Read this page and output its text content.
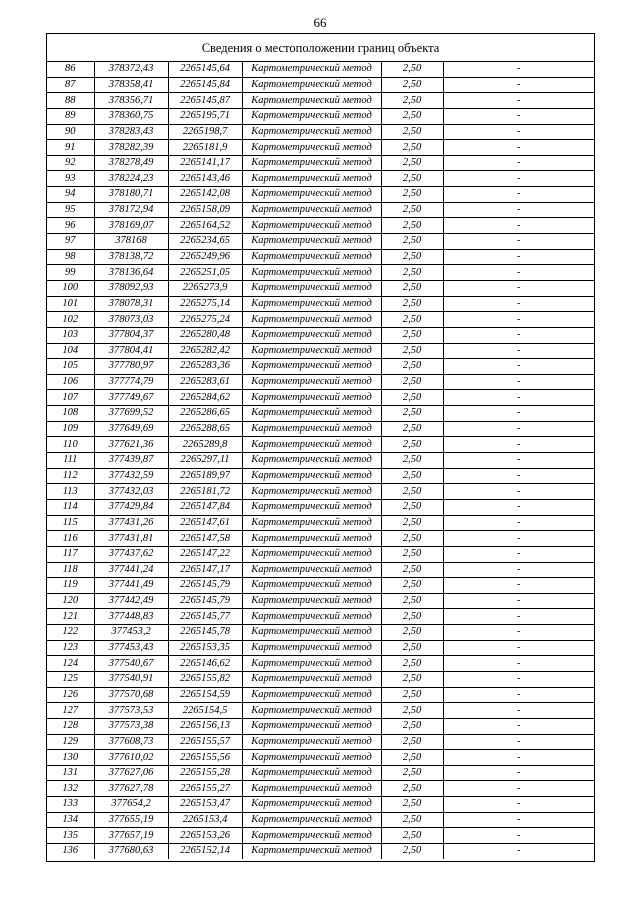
66
Сведения о местоположении границ объекта
86	378372,43	2265145,64	Картометрический метод	2,50	-
87	378358,41	2265145,84	Картометрический метод	2,50	-
88	378356,71	2265145,87	Картометрический метод	2,50	-
89	378360,75	2265195,71	Картометрический метод	2,50	-
90	378283,43	2265198,7	Картометрический метод	2,50	-
91	378282,39	2265181,9	Картометрический метод	2,50	-
92	378278,49	2265141,17	Картометрический метод	2,50	-
93	378224,23	2265143,46	Картометрический метод	2,50	-
94	378180,71	2265142,08	Картометрический метод	2,50	-
95	378172,94	2265158,09	Картометрический метод	2,50	-
96	378169,07	2265164,52	Картометрический метод	2,50	-
97	378168	2265234,65	Картометрический метод	2,50	-
98	378138,72	2265249,96	Картометрический метод	2,50	-
99	378136,64	2265251,05	Картометрический метод	2,50	-
100	378092,93	2265273,9	Картометрический метод	2,50	-
101	378078,31	2265275,14	Картометрический метод	2,50	-
102	378073,03	2265275,24	Картометрический метод	2,50	-
103	377804,37	2265280,48	Картометрический метод	2,50	-
104	377804,41	2265282,42	Картометрический метод	2,50	-
105	377780,97	2265283,36	Картометрический метод	2,50	-
106	377774,79	2265283,61	Картометрический метод	2,50	-
107	377749,67	2265284,62	Картометрический метод	2,50	-
108	377699,52	2265286,65	Картометрический метод	2,50	-
109	377649,69	2265288,65	Картометрический метод	2,50	-
110	377621,36	2265289,8	Картометрический метод	2,50	-
111	377439,87	2265297,11	Картометрический метод	2,50	-
112	377432,59	2265189,97	Картометрический метод	2,50	-
113	377432,03	2265181,72	Картометрический метод	2,50	-
114	377429,84	2265147,84	Картометрический метод	2,50	-
115	377431,26	2265147,61	Картометрический метод	2,50	-
116	377431,81	2265147,58	Картометрический метод	2,50	-
117	377437,62	2265147,22	Картометрический метод	2,50	-
118	377441,24	2265147,17	Картометрический метод	2,50	-
119	377441,49	2265145,79	Картометрический метод	2,50	-
120	377442,49	2265145,79	Картометрический метод	2,50	-
121	377448,83	2265145,77	Картометрический метод	2,50	-
122	377453,2	2265145,78	Картометрический метод	2,50	-
123	377453,43	2265153,35	Картометрический метод	2,50	-
124	377540,67	2265146,62	Картометрический метод	2,50	-
125	377540,91	2265155,82	Картометрический метод	2,50	-
126	377570,68	2265154,59	Картометрический метод	2,50	-
127	377573,53	2265154,5	Картометрический метод	2,50	-
128	377573,38	2265156,13	Картометрический метод	2,50	-
129	377608,73	2265155,57	Картометрический метод	2,50	-
130	377610,02	2265155,56	Картометрический метод	2,50	-
131	377627,06	2265155,28	Картометрический метод	2,50	-
132	377627,78	2265155,27	Картометрический метод	2,50	-
133	377654,2	2265153,47	Картометрический метод	2,50	-
134	377655,19	2265153,4	Картометрический метод	2,50	-
135	377657,19	2265153,26	Картометрический метод	2,50	-
136	377680,63	2265152,14	Картометрический метод	2,50	-
